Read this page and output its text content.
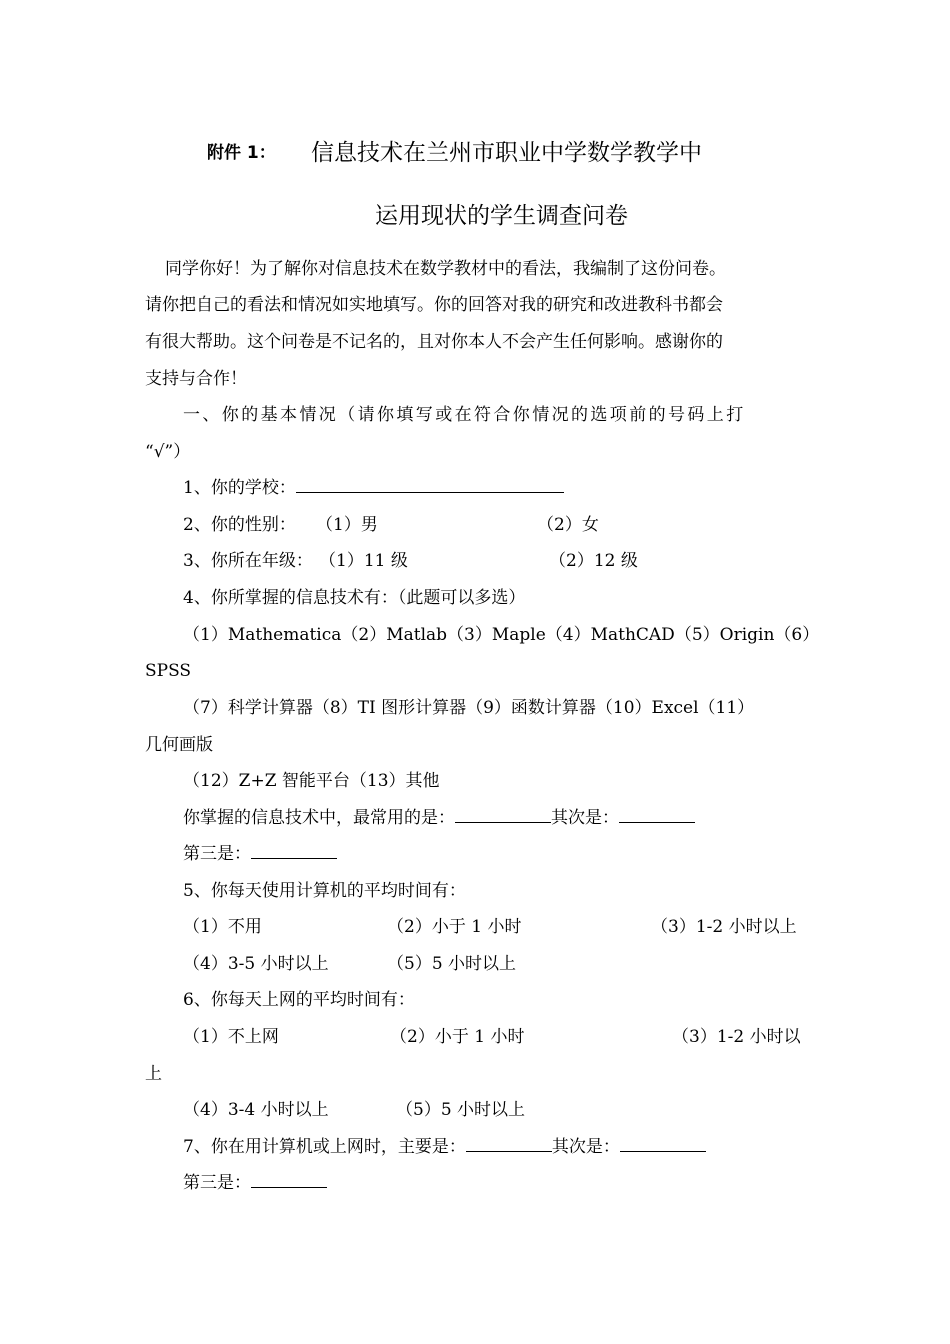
附件 1： 信息技术在兰州市职业中学数学教学中
运用现状的学生调查问卷
同学你好！为了解你对信息技术在数学教材中的看法，我编制了这份问卷。
请你把自己的看法和情况如实地填写。你的回答对我的研究和改进教科书都会
有很大帮助。这个问卷是不记名的，且对你本人不会产生任何影响。感谢你的
支持与合作！
一、你的基本情况（请你填写或在符合你情况的选项前的号码上打
“√”）
1、你的学校：
2、你的性别： （1）男	（2）女
3、你所在年级： （1）11 级	（2）12 级
4、你所掌握的信息技术有：（此题可以多选）
（1）Mathematica（2）Matlab（3）Maple（4）MathCAD（5）Origin（6）
SPSS
（7）科学计算器（8）TI 图形计算器（9）函数计算器（10）Excel（11）
几何画版
（12）Z+Z 智能平台（13）其他
你掌握的信息技术中，最常用的是：	其次是：
第三是：
5、你每天使用计算机的平均时间有：
（1）不用	（2）小于 1 小时	（3）1-2 小时以上
（4）3-5 小时以上	（5）5 小时以上
6、你每天上网的平均时间有：
（1）不上网	（2）小于 1 小时	（3）1-2 小时以
上
（4）3-4 小时以上	（5）5 小时以上
7、你在用计算机或上网时，主要是：	其次是：
第三是：
